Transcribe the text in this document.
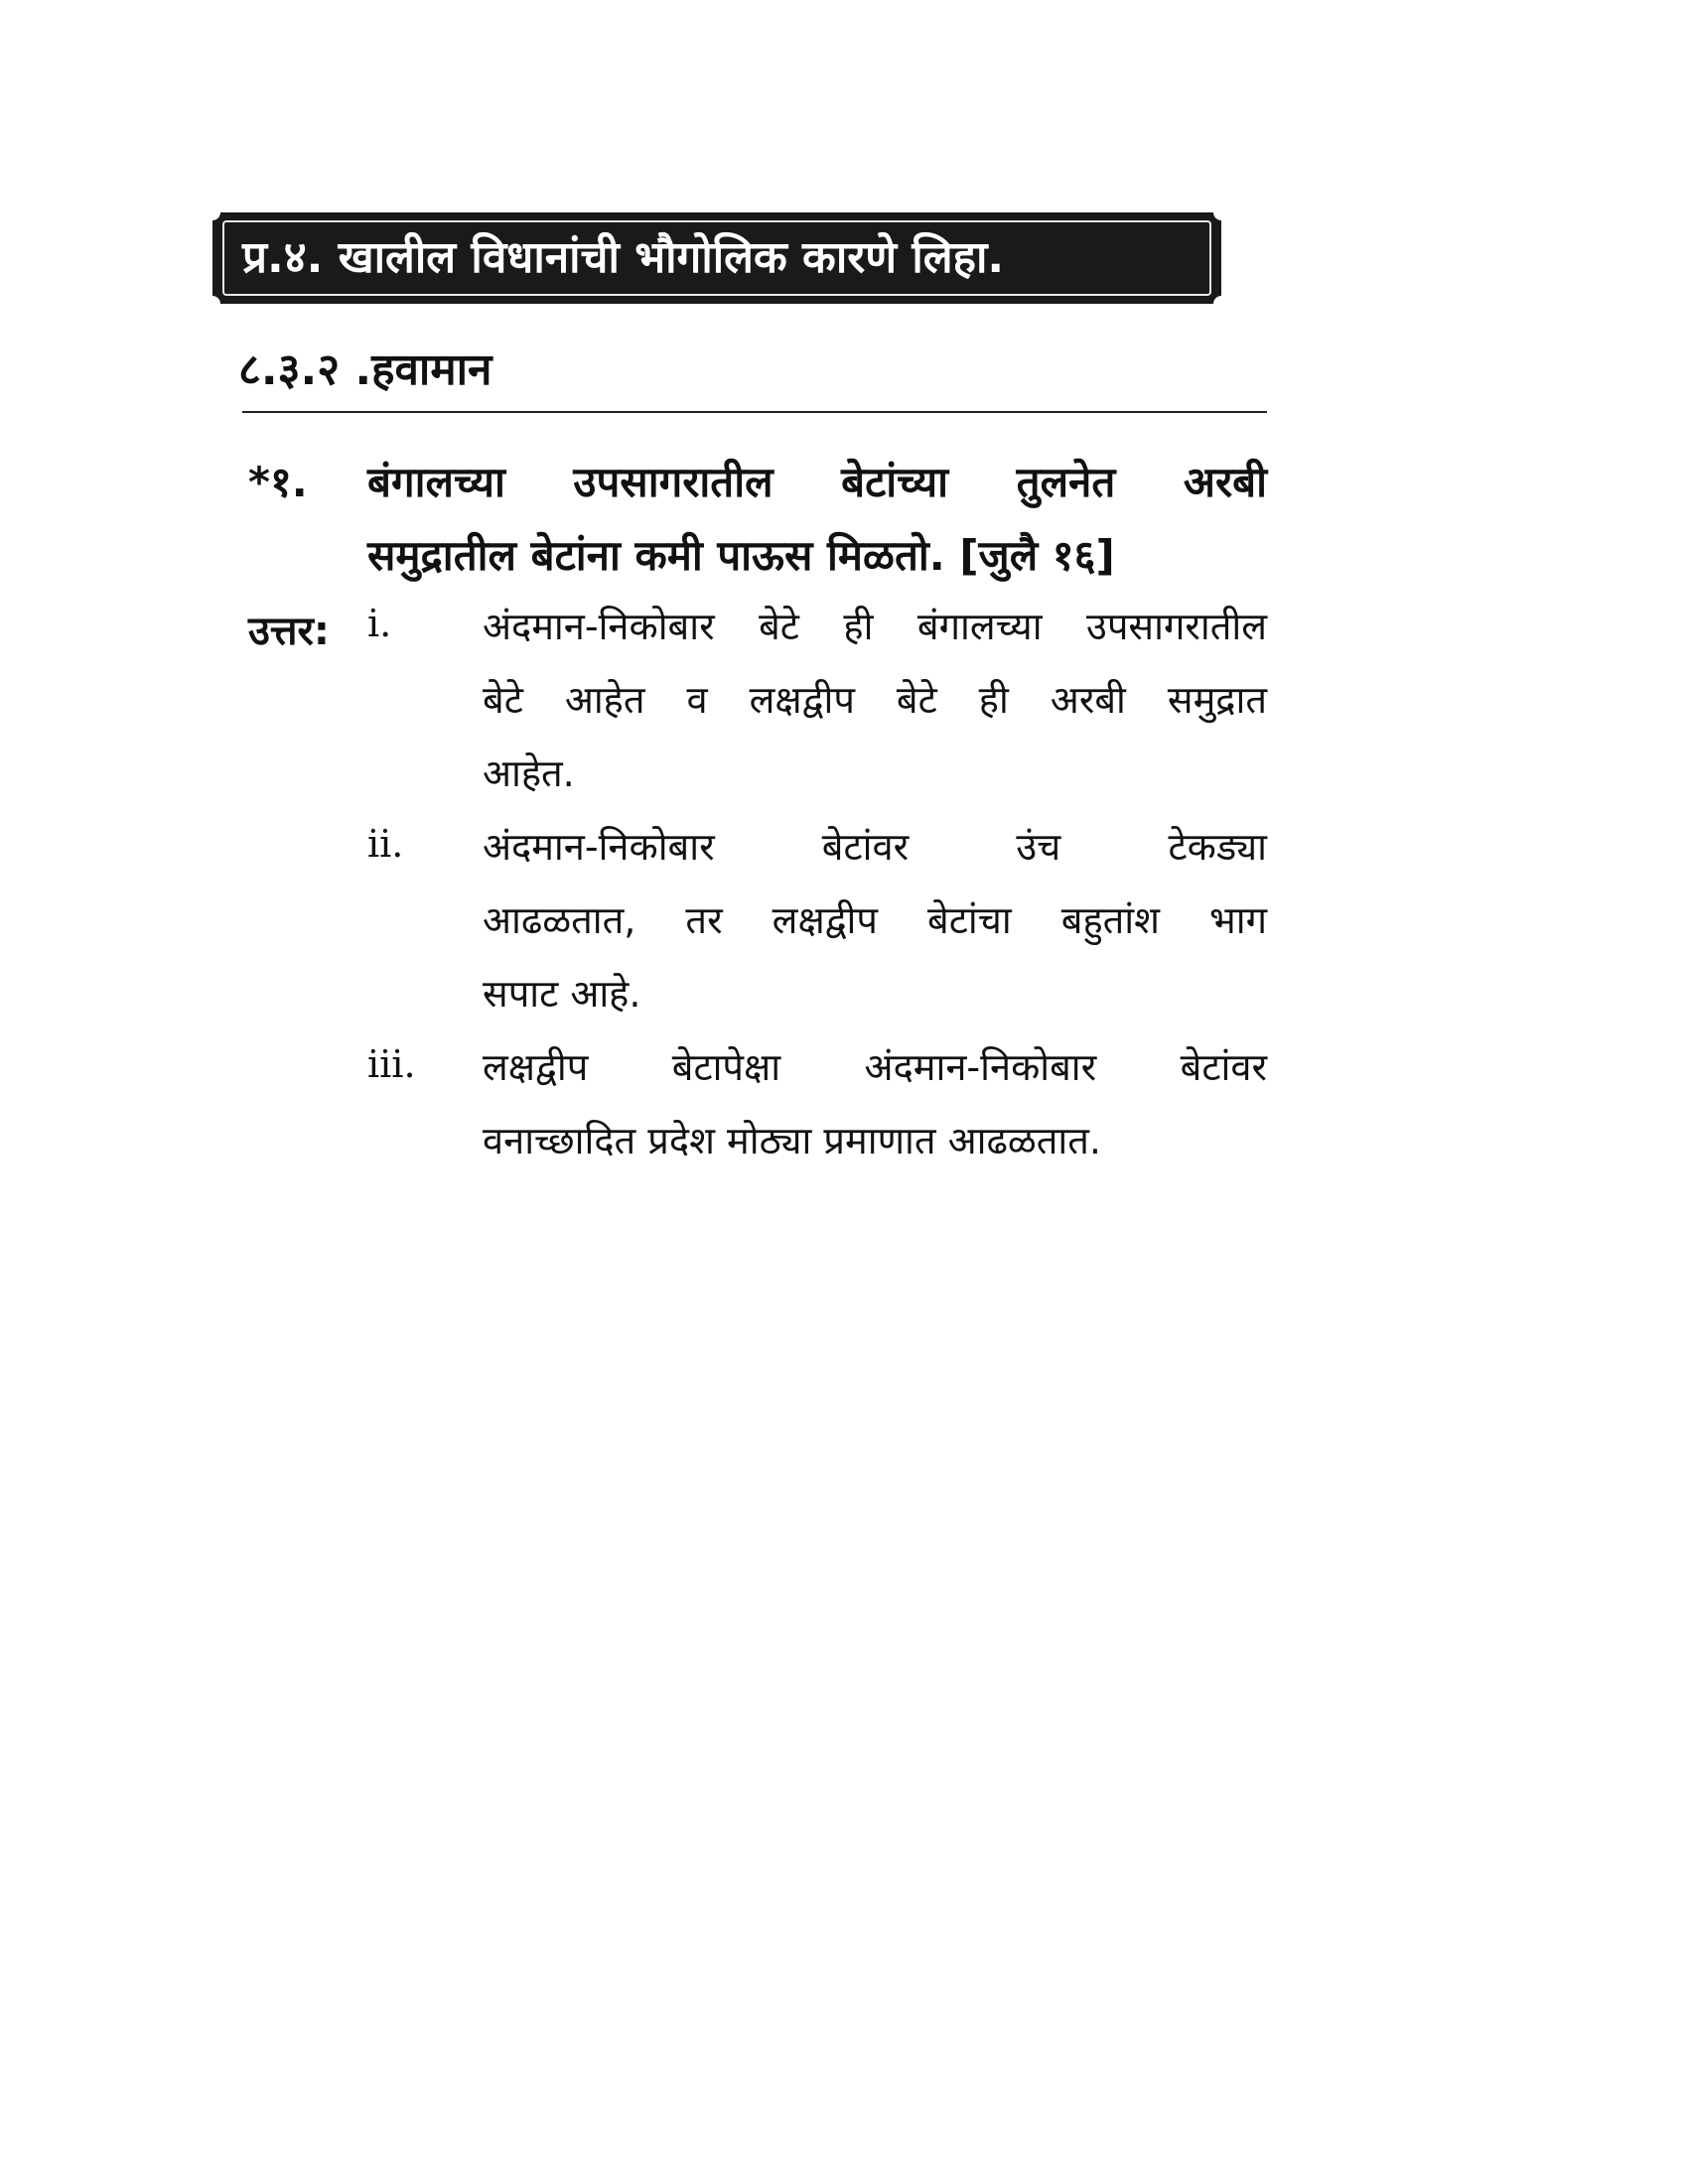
प्र.४. खालील विधानांची भौगोलिक कारणे लिहा.
८.३.२ .हवामान
*१. बंगालच्या उपसागरातील बेटांच्या तुलनेत अरबी
समुद्रातील बेटांना कमी पाऊस मिळतो. [जुलै १६]
उत्तर: i. अंदमान-निकोबार बेटे ही बंगालच्या उपसागरातील
बेटे आहेत व लक्षद्वीप बेटे ही अरबी समुद्रात
आहेत.
ii. अंदमान-निकोबार बेटांवर उंच टेकड्या
आढळतात, तर लक्षद्वीप बेटांचा बहुतांश भाग
सपाट आहे.
iii. लक्षद्वीप बेटापेक्षा अंदमान-निकोबार बेटांवर
वनाच्छादित प्रदेश मोठ्या प्रमाणात आढळतात.
